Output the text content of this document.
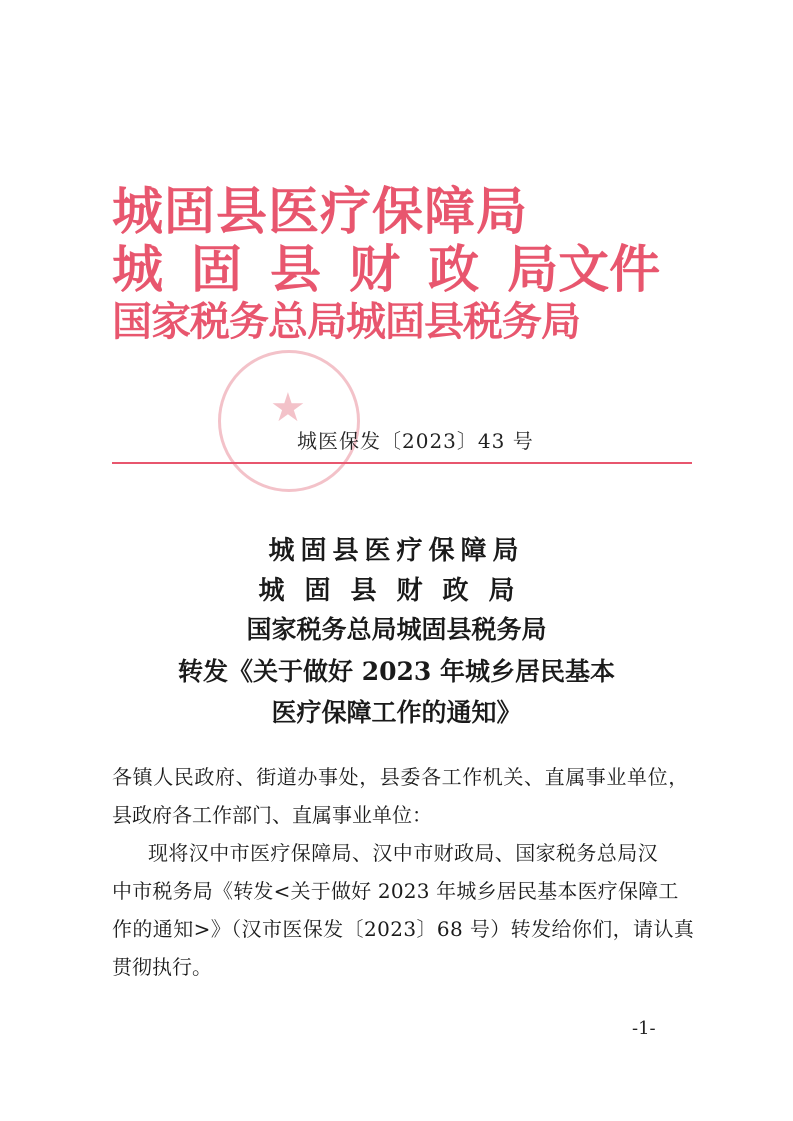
★
城固县医疗保障局
城 固 县 财 政 局文件
国家税务总局城固县税务局
城医保发〔2023〕43 号
城固县医疗保障局
城固县财政局
国家税务总局城固县税务局
转发《关于做好 2023 年城乡居民基本
医疗保障工作的通知》
各镇人民政府、街道办事处，县委各工作机关、直属事业单位，
县政府各工作部门、直属事业单位：
现将汉中市医疗保障局、汉中市财政局、国家税务总局汉
中市税务局《转发<关于做好 2023 年城乡居民基本医疗保障工
作的通知>》（汉市医保发〔2023〕68 号）转发给你们，请认真
贯彻执行。
-1-
